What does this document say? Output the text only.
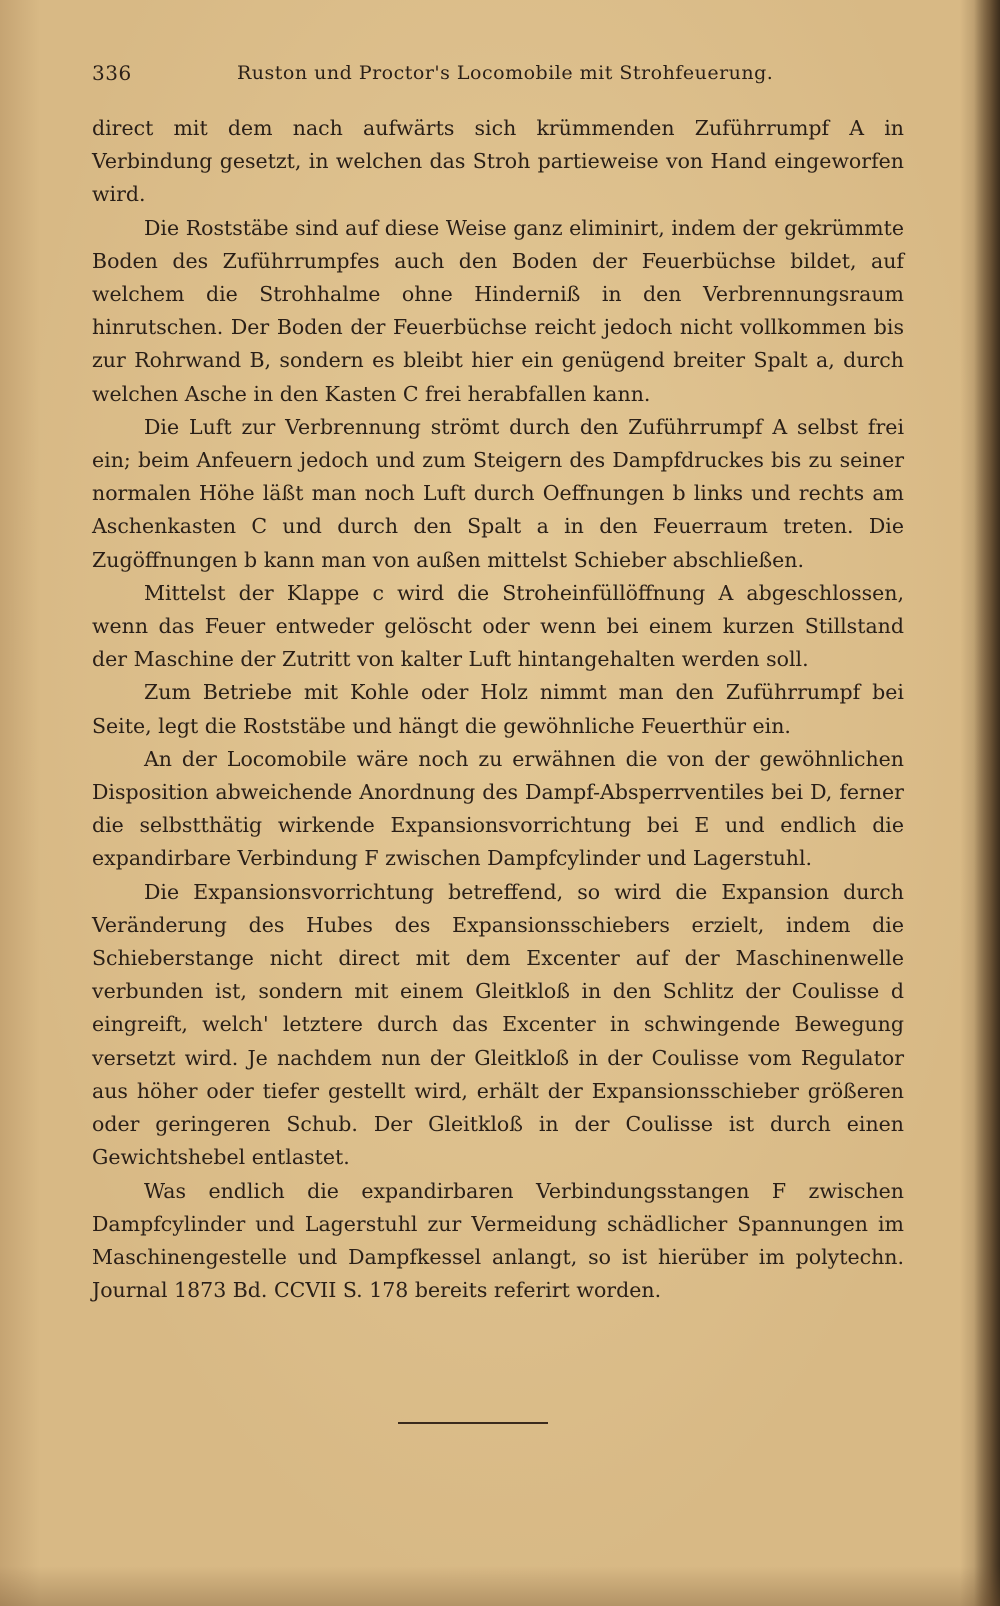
336	Ruston und Proctor's Locomobile mit Strohfeuerung.

direct mit dem nach aufwärts sich krümmenden Zuführrumpf A in Verbindung gesetzt, in welchen das Stroh partieweise von Hand eingeworfen wird.

Die Roststäbe sind auf diese Weise ganz eliminirt, indem der gekrümmte Boden des Zuführrumpfes auch den Boden der Feuerbüchse bildet, auf welchem die Strohhalme ohne Hinderniß in den Verbrennungsraum hinrutschen. Der Boden der Feuerbüchse reicht jedoch nicht vollkommen bis zur Rohrwand B, sondern es bleibt hier ein genügend breiter Spalt a, durch welchen Asche in den Kasten C frei herabfallen kann.

Die Luft zur Verbrennung strömt durch den Zuführrumpf A selbst frei ein; beim Anfeuern jedoch und zum Steigern des Dampfdruckes bis zu seiner normalen Höhe läßt man noch Luft durch Oeffnungen b links und rechts am Aschenkasten C und durch den Spalt a in den Feuerraum treten. Die Zugöffnungen b kann man von außen mittelst Schieber abschließen.

Mittelst der Klappe c wird die Stroheinfüllöffnung A abgeschlossen, wenn das Feuer entweder gelöscht oder wenn bei einem kurzen Stillstand der Maschine der Zutritt von kalter Luft hintangehalten werden soll.

Zum Betriebe mit Kohle oder Holz nimmt man den Zuführrumpf bei Seite, legt die Roststäbe und hängt die gewöhnliche Feuerthür ein.

An der Locomobile wäre noch zu erwähnen die von der gewöhnlichen Disposition abweichende Anordnung des Dampf-Absperrventiles bei D, ferner die selbstthätig wirkende Expansionsvorrichtung bei E und endlich die expandirbare Verbindung F zwischen Dampfcylinder und Lagerstuhl.

Die Expansionsvorrichtung betreffend, so wird die Expansion durch Veränderung des Hubes des Expansionsschiebers erzielt, indem die Schieberstange nicht direct mit dem Excenter auf der Maschinenwelle verbunden ist, sondern mit einem Gleitkloß in den Schlitz der Coulisse d eingreift, welch' letztere durch das Excenter in schwingende Bewegung versetzt wird. Je nachdem nun der Gleitkloß in der Coulisse vom Regulator aus höher oder tiefer gestellt wird, erhält der Expansionsschieber größeren oder geringeren Schub. Der Gleitkloß in der Coulisse ist durch einen Gewichtshebel entlastet.

Was endlich die expandirbaren Verbindungsstangen F zwischen Dampfcylinder und Lagerstuhl zur Vermeidung schädlicher Spannungen im Maschinengestelle und Dampfkessel anlangt, so ist hierüber im polytechn. Journal 1873 Bd. CCVII S. 178 bereits referirt worden.
